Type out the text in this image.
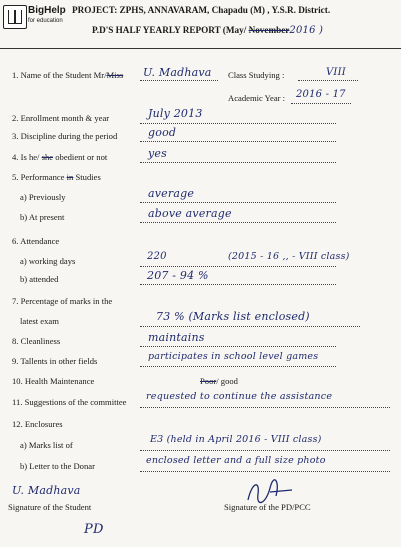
BigHelp
for education
PROJECT: ZPHS, ANNAVARAM, Chapadu (M) , Y.S.R. District.
P.D'S HALF YEARLY REPORT (May/ November2016 )
1. Name of the Student Mr/Miss U. Madhava Class Studying :	VIII
Academic Year : 2016 - 17
2. Enrollment month & year	July 2013
3. Discipline during the period	good
4. Is he/ she obedient or not	yes
5. Performance in Studies
a) Previously	average
b) At present	above average
6. Attendance
a) working days	220	(2015 - 16 ,, - VIII class)
b) attended	207 - 94 %
7. Percentage of marks in the
latest exam	73 % (Marks list enclosed)
8. Cleanliness	maintains
9. Tallents in other fields	participates in school level games
10. Health Maintenance	Poor/ good
11. Suggestions of the committee requested to continue the assistance
12. Enclosures
a) Marks list of	E3 (held in April 2016 - VIII class)
b) Letter to the Donar	enclosed letter and a full size photo
U. Madhava
Signature of the Student	Signature of the PD/PCC
PD
